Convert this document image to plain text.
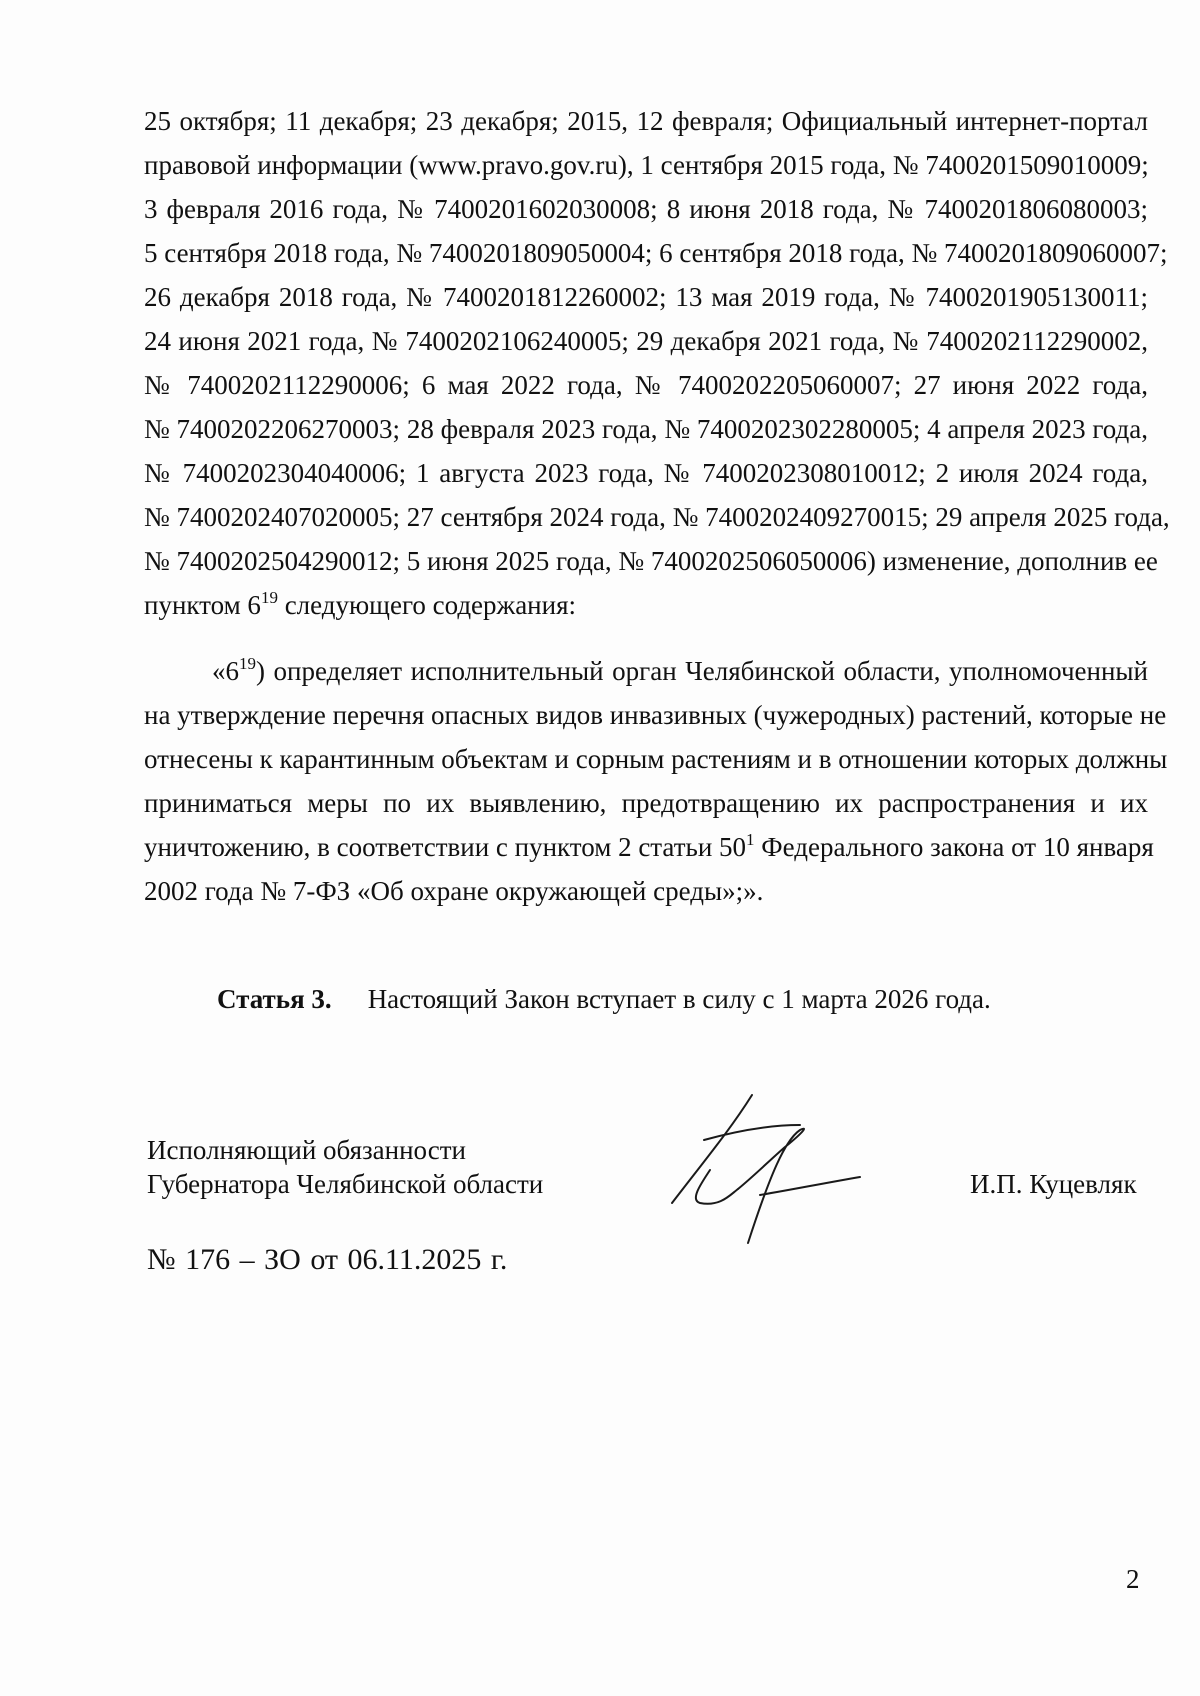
25 октября; 11 декабря; 23 декабря; 2015, 12 февраля; Официальный интернет-портал
правовой информации (www.pravo.gov.ru), 1 сентября 2015 года, № 7400201509010009;
3 февраля 2016 года, № 7400201602030008; 8 июня 2018 года, № 7400201806080003;
5 сентября 2018 года, № 7400201809050004; 6 сентября 2018 года, № 7400201809060007;
26 декабря 2018 года, № 7400201812260002; 13 мая 2019 года, № 7400201905130011;
24 июня 2021 года, № 7400202106240005; 29 декабря 2021 года, № 7400202112290002,
№ 7400202112290006; 6 мая 2022 года, № 7400202205060007; 27 июня 2022 года,
№ 7400202206270003; 28 февраля 2023 года, № 7400202302280005; 4 апреля 2023 года,
№ 7400202304040006; 1 августа 2023 года, № 7400202308010012; 2 июля 2024 года,
№ 7400202407020005; 27 сентября 2024 года, № 7400202409270015; 29 апреля 2025 года,
№ 7400202504290012; 5 июня 2025 года, № 7400202506050006) изменение, дополнив ее
пунктом $6^{19}$ следующего содержания:
«$6^{19}$) определяет исполнительный орган Челябинской области, уполномоченный
на утверждение перечня опасных видов инвазивных (чужеродных) растений, которые не
отнесены к карантинным объектам и сорным растениям и в отношении которых должны
приниматься меры по их выявлению, предотвращению их распространения и их
уничтожению, в соответствии с пунктом 2 статьи $50^1$ Федерального закона от 10 января
2002 года № 7-ФЗ «Об охране окружающей среды»;».
Статья 3. Настоящий Закон вступает в силу с 1 марта 2026 года.
Исполняющий обязанности
Губернатора Челябинской области	И.П. Куцевляк
№ 176 – ЗО от 06.11.2025 г.
2
